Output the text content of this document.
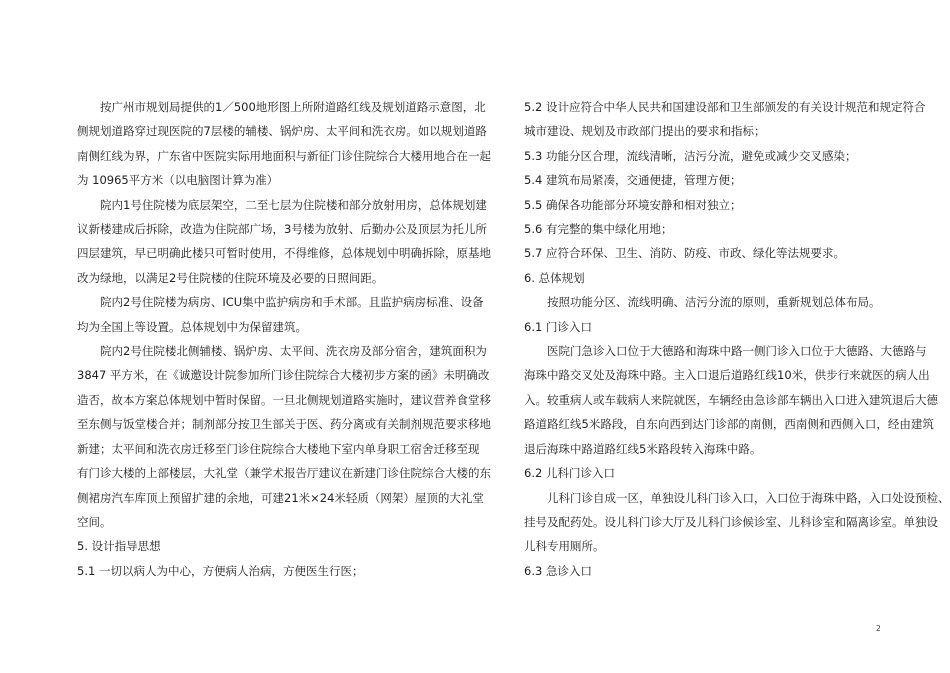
按广州市规划局提供的1／500地形图上所附道路红线及规划道路示意图，北

侧规划道路穿过现医院的7层楼的辅楼、锅炉房、太平间和洗衣房。如以规划道路

南侧红线为界，广东省中医院实际用地面积与新征门诊住院综合大楼用地合在一起

为 10965平方米（以电脑图计算为准）

院内1号住院楼为底层架空，二至七层为住院楼和部分放射用房，总体规划建

议新楼建成后拆除，改造为住院部广场，3号楼为放射、后勤办公及顶层为托儿所

四层建筑，早已明确此楼只可暂时使用，不得维修，总体规划中明确拆除，原基地

改为绿地，以满足2号住院楼的住院环境及必要的日照间距。

院内2号住院楼为病房、ICU集中监护病房和手术部。且监护病房标准、设备

均为全国上等设置。总体规划中为保留建筑。

院内2号住院楼北侧辅楼、锅炉房、太平间、洗衣房及部分宿舍，建筑面积为

3847 平方米，在《诚邀设计院参加所门诊住院综合大楼初步方案的函》未明确改

造否，故本方案总体规划中暂时保留。一旦北侧规划道路实施时，建议营养食堂移

至东侧与饭堂楼合并；制剂部分按卫生部关于医、药分离或有关制剂规范要求移地

新建；太平间和洗衣房迁移至门诊住院综合大楼地下室内单身职工宿舍迁移至现

有门诊大楼的上部楼层，大礼堂（兼学术报告厅建议在新建门诊住院综合大楼的东

侧裙房汽车库顶上预留扩建的余地，可建21米×24米轻质（网架）屋顶的大礼堂

空间。

5. 设计指导思想

5.1 一切以病人为中心，方便病人治病，方便医生行医；

5.2 设计应符合中华人民共和国建设部和卫生部颁发的有关设计规范和规定符合

城市建设、规划及市政部门提出的要求和指标；

5.3 功能分区合理，流线清晰，洁污分流，避免或减少交叉感染；

5.4 建筑布局紧凑，交通便捷，管理方便；

5.5 确保各功能部分环境安静和相对独立；

5.6 有完整的集中绿化用地；

5.7 应符合环保、卫生、消防、防疫、市政、绿化等法规要求。

6. 总体规划

按照功能分区、流线明确、洁污分流的原则，重新规划总体布局。

6.1 门诊入口

医院门急诊入口位于大德路和海珠中路一侧门诊入口位于大德路、大德路与

海珠中路交叉处及海珠中路。主入口退后道路红线10米，供步行来就医的病人出

入。较重病人或车载病人来院就医，车辆经由急诊部车辆出入口进入建筑退后大德

路道路红线5米路段，自东向西到达门诊部的南侧，西南侧和西侧入口，经由建筑

退后海珠中路道路红线5米路段转入海珠中路。

6.2 儿科门诊入口

儿科门诊自成一区，单独设儿科门诊入口，入口位于海珠中路，入口处设预检、

挂号及配药处。设儿科门诊大厅及儿科门诊候诊室、儿科诊室和隔离诊室。单独设

儿科专用厕所。

6.3 急诊入口

2
